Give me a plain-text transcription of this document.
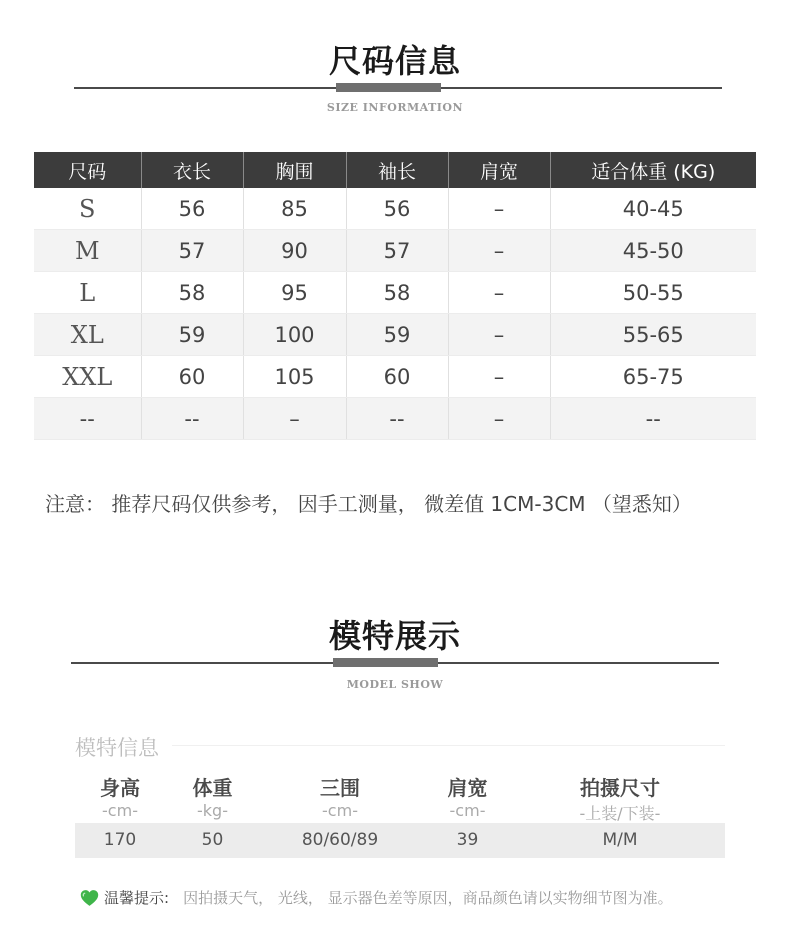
尺码信息
SIZE INFORMATION
尺码	衣长	胸围	袖长	肩宽	适合体重 (KG)
S	56	85	56	–	40-45
M	57	90	57	–	45-50
L	58	95	58	–	50-55
XL	59	100	59	–	55-65
XXL	60	105	60	–	65-75
--	--	–	--	–	--
注意： 推荐尺码仅供参考， 因手工测量， 微差值 1CM-3CM （望悉知）
模特展示
MODEL SHOW
模特信息
身高	体重	三围	肩宽	拍摄尺寸
-cm-	-kg-	-cm-	-cm-	-上装/下装-
170	50	80/60/89	39	M/M
温馨提示: 因拍摄天气， 光线， 显示器色差等原因，商品颜色请以实物细节图为准。
